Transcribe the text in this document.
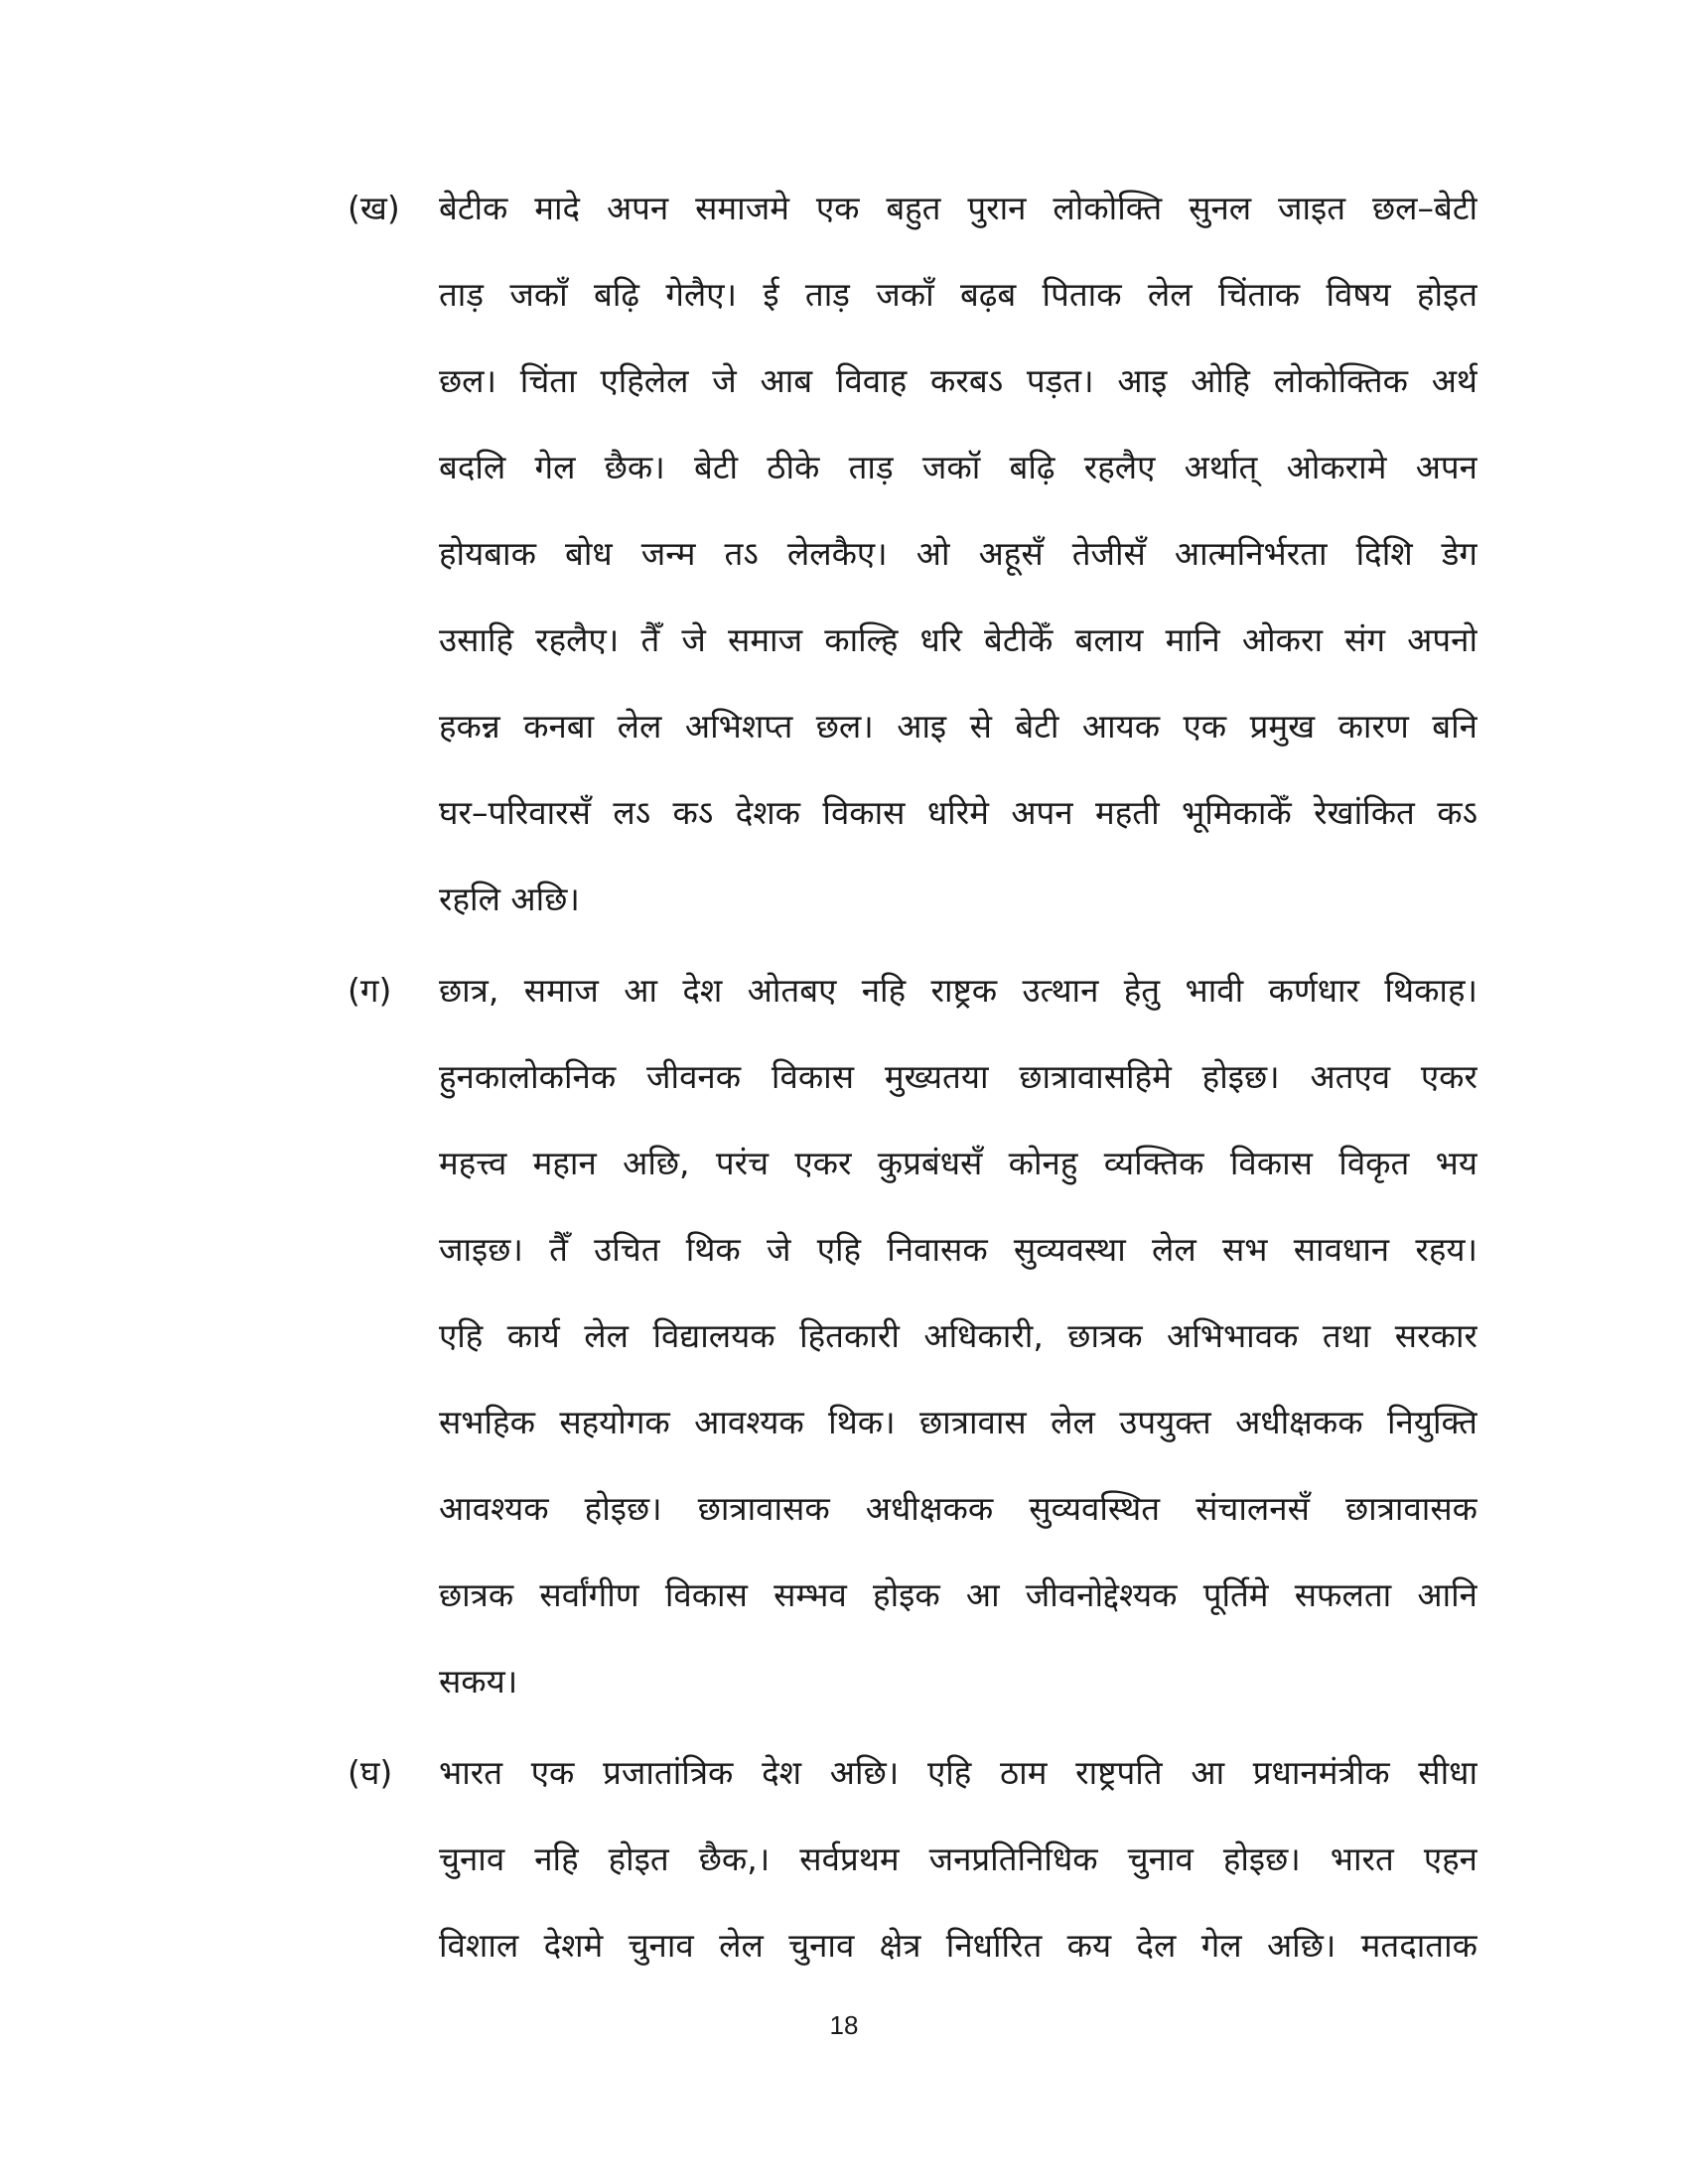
(ख)	बेटीक मादे अपन समाजमे एक बहुत पुरान लोकोक्ति सुनल जाइत छल–बेटी
ताड़ जकाँ बढ़ि गेलैए। ई ताड़ जकाँ बढ़ब पिताक लेल चिंताक विषय होइत
छल। चिंता एहिलेल जे आब विवाह करबऽ पड़त। आइ ओहि लोकोक्तिक अर्थ
बदलि गेल छैक। बेटी ठीके ताड़ जकॉ बढ़ि रहलैए अर्थात् ओकरामे अपन
होयबाक बोध जन्म तऽ लेलकैए। ओ अहूसँ तेजीसँ आत्मनिर्भरता दिशि डेग
उसाहि रहलैए। तैँ जे समाज काल्हि धरि बेटीकेँ बलाय मानि ओकरा संग अपनो
हकन्न कनबा लेल अभिशप्त छल। आइ से बेटी आयक एक प्रमुख कारण बनि
घर–परिवारसँ लऽ कऽ देशक विकास धरिमे अपन महती भूमिकाकेँ रेखांकित कऽ
रहलि अछि।
(ग)	छात्र, समाज आ देश ओतबए नहि राष्ट्रक उत्थान हेतु भावी कर्णधार थिकाह।
हुनकालोकनिक जीवनक विकास मुख्यतया छात्रावासहिमे होइछ। अतएव एकर
महत्त्व महान अछि, परंच एकर कुप्रबंधसँ कोनहु व्यक्तिक विकास विकृत भय
जाइछ। तैँ उचित थिक जे एहि निवासक सुव्यवस्था लेल सभ सावधान रहय।
एहि कार्य लेल विद्यालयक हितकारी अधिकारी, छात्रक अभिभावक तथा सरकार
सभहिक सहयोगक आवश्यक थिक। छात्रावास लेल उपयुक्त अधीक्षकक नियुक्ति
आवश्यक होइछ। छात्रावासक अधीक्षकक सुव्यवस्थित संचालनसँ छात्रावासक
छात्रक सर्वांगीण विकास सम्भव होइक आ जीवनोद्देश्यक पूर्तिमे सफलता आनि
सकय।
(घ)	भारत एक प्रजातांत्रिक देश अछि। एहि ठाम राष्ट्रपति आ प्रधानमंत्रीक सीधा
चुनाव नहि होइत छैक,। सर्वप्रथम जनप्रतिनिधिक चुनाव होइछ। भारत एहन
विशाल देशमे चुनाव लेल चुनाव क्षेत्र निर्धारित कय देल गेल अछि। मतदाताक
18
